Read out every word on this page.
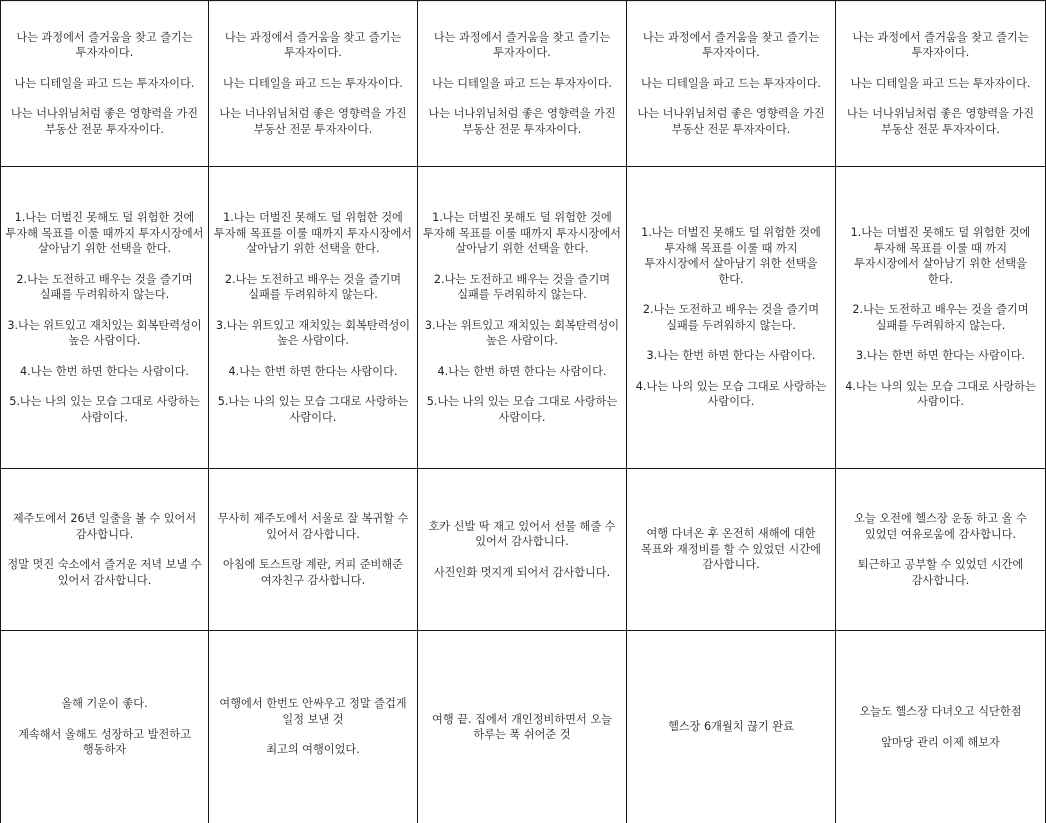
나는 과정에서 즐거움을 찾고 즐기는
투자자이다.

나는 디테일을 파고 드는 투자자이다.

나는 너나위님처럼 좋은 영향력을 가진
부동산 전문 투자자이다.

나는 과정에서 즐거움을 찾고 즐기는
투자자이다.

나는 디테일을 파고 드는 투자자이다.

나는 너나위님처럼 좋은 영향력을 가진
부동산 전문 투자자이다.

나는 과정에서 즐거움을 찾고 즐기는
투자자이다.

나는 디테일을 파고 드는 투자자이다.

나는 너나위님처럼 좋은 영향력을 가진
부동산 전문 투자자이다.

나는 과정에서 즐거움을 찾고 즐기는
투자자이다.

나는 디테일을 파고 드는 투자자이다.

나는 너나위님처럼 좋은 영향력을 가진
부동산 전문 투자자이다.

나는 과정에서 즐거움을 찾고 즐기는
투자자이다.

나는 디테일을 파고 드는 투자자이다.

나는 너나위님처럼 좋은 영향력을 가진
부동산 전문 투자자이다.

1.나는 더벌진 못해도 덜 위험한 것에
투자해 목표를 이룰 때까지 투자시장에서
살아남기 위한 선택을 한다.

2.나는 도전하고 배우는 것을 즐기며
실패를 두려워하지 않는다.

3.나는 위트있고 재치있는 회복탄력성이
높은 사람이다.

4.나는 한번 하면 한다는 사람이다.

5.나는 나의 있는 모습 그대로 사랑하는
사람이다.

1.나는 더벌진 못해도 덜 위험한 것에
투자해 목표를 이룰 때까지 투자시장에서
살아남기 위한 선택을 한다.

2.나는 도전하고 배우는 것을 즐기며
실패를 두려워하지 않는다.

3.나는 위트있고 재치있는 회복탄력성이
높은 사람이다.

4.나는 한번 하면 한다는 사람이다.

5.나는 나의 있는 모습 그대로 사랑하는
사람이다.

1.나는 더벌진 못해도 덜 위험한 것에
투자해 목표를 이룰 때까지 투자시장에서
살아남기 위한 선택을 한다.

2.나는 도전하고 배우는 것을 즐기며
실패를 두려워하지 않는다.

3.나는 위트있고 재치있는 회복탄력성이
높은 사람이다.

4.나는 한번 하면 한다는 사람이다.

5.나는 나의 있는 모습 그대로 사랑하는
사람이다.

1.나는 더벌진 못해도 덜 위험한 것에
투자해 목표를 이룰 때 까지
투자시장에서 살아남기 위한 선택을
한다.

2.나는 도전하고 배우는 것을 즐기며
실패를 두려워하지 않는다.

3.나는 한번 하면 한다는 사람이다.

4.나는 나의 있는 모습 그대로 사랑하는
사람이다.

1.나는 더벌진 못해도 덜 위험한 것에
투자해 목표를 이룰 때 까지
투자시장에서 살아남기 위한 선택을
한다.

2.나는 도전하고 배우는 것을 즐기며
실패를 두려워하지 않는다.

3.나는 한번 하면 한다는 사람이다.

4.나는 나의 있는 모습 그대로 사랑하는
사람이다.

제주도에서 26년 일출을 볼 수 있어서
감사합니다.

정말 멋진 숙소에서 즐거운 저녁 보낼 수
있어서 감사합니다.

무사히 제주도에서 서울로 잘 복귀할 수
있어서 감사합니다.

아침에 토스트랑 계란, 커피 준비해준
여자친구 감사합니다.

호카 신발 딱 재고 있어서 선물 해줄 수
있어서 감사합니다.

사진인화 멋지게 되어서 감사합니다.

여행 다녀온 후 온전히 새해에 대한
목표와 재정비를 할 수 있었던 시간에
감사합니다.

오늘 오전에 헬스장 운동 하고 올 수
있었던 여유로움에 감사합니다.

퇴근하고 공부할 수 있었던 시간에
감사합니다.

올해 기운이 좋다.

계속해서 올해도 성장하고 발전하고
행동하자

여행에서 한번도 안싸우고 정말 즐겁게
일정 보낸 것

최고의 여행이었다.

여행 끝. 집에서 개인정비하면서 오늘
하루는 푹 쉬어준 것

헬스장 6개월치 끊기 완료

오늘도 헬스장 다녀오고 식단한점

앞마당 관리 이제 해보자
